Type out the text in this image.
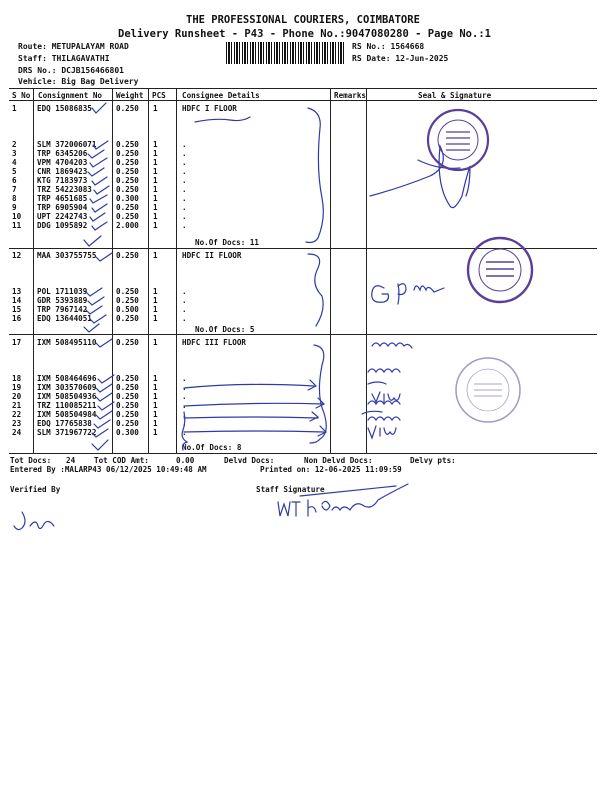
THE PROFESSIONAL COURIERS, COIMBATORE
Delivery Runsheet - P43 - Phone No.:9047080280 - Page No.:1
Route: METUPALAYAM ROAD
Staff: THILAGAVATHI
DRS No.: DCJB156466801
Vehicle: Big Bag Delivery
RS No.: 1564668
RS Date: 12-Jun-2025
S No Consignment No Weight PCS Consignee Details	Remarks	Seal & Signature
HDFC I FLOOR
No.Of Docs: 11
1	EDQ 15086835	0.250 1
2	SLM 372006071	0.250 1	.
3	TRP 6345206	0.250 1	.
4	VPM 4704203	0.250 1	.
5	CNR 1869423	0.250 1	.
6	KTG 7183973	0.250 1	.
7	TRZ 54223083	0.250 1	.
8	TRP 4651685	0.300 1	.
9	TRP 6905904	0.250 1	.
10 UPT 2242743	0.250 1	.
11 DDG 1095892	2.000 1	.
HDFC II FLOOR
No.Of Docs: 5
12 MAA 303755755	0.250 1
13 POL 1711039	0.250 1	.
14 GDR 5393889	0.250 1	.
15 TRP 7967142	0.500 1	.
16 EDQ 13644051	0.250 1	.
HDFC III FLOOR
No.Of Docs: 8
17 IXM 508495110	0.250 1
18 IXM 508464696	0.250 1	.
19 IXM 303570609	0.250 1	.
20 IXM 508504936	0.250 1	.
21 TRZ 110085211	0.250 1	.
22 IXM 508504984	0.250 1	.
23 EDQ 17765838	0.250 1	.
24 SLM 371967722	0.300 1	.
Tot Docs: 24 Tot COD Amt:	0.00	Delvd Docs:	Non Delvd Docs:	Delvy pts:
Entered By :MALARP43 06/12/2025 10:49:48 AM	Printed on: 12-06-2025 11:09:59
Verified By	Staff Signature
